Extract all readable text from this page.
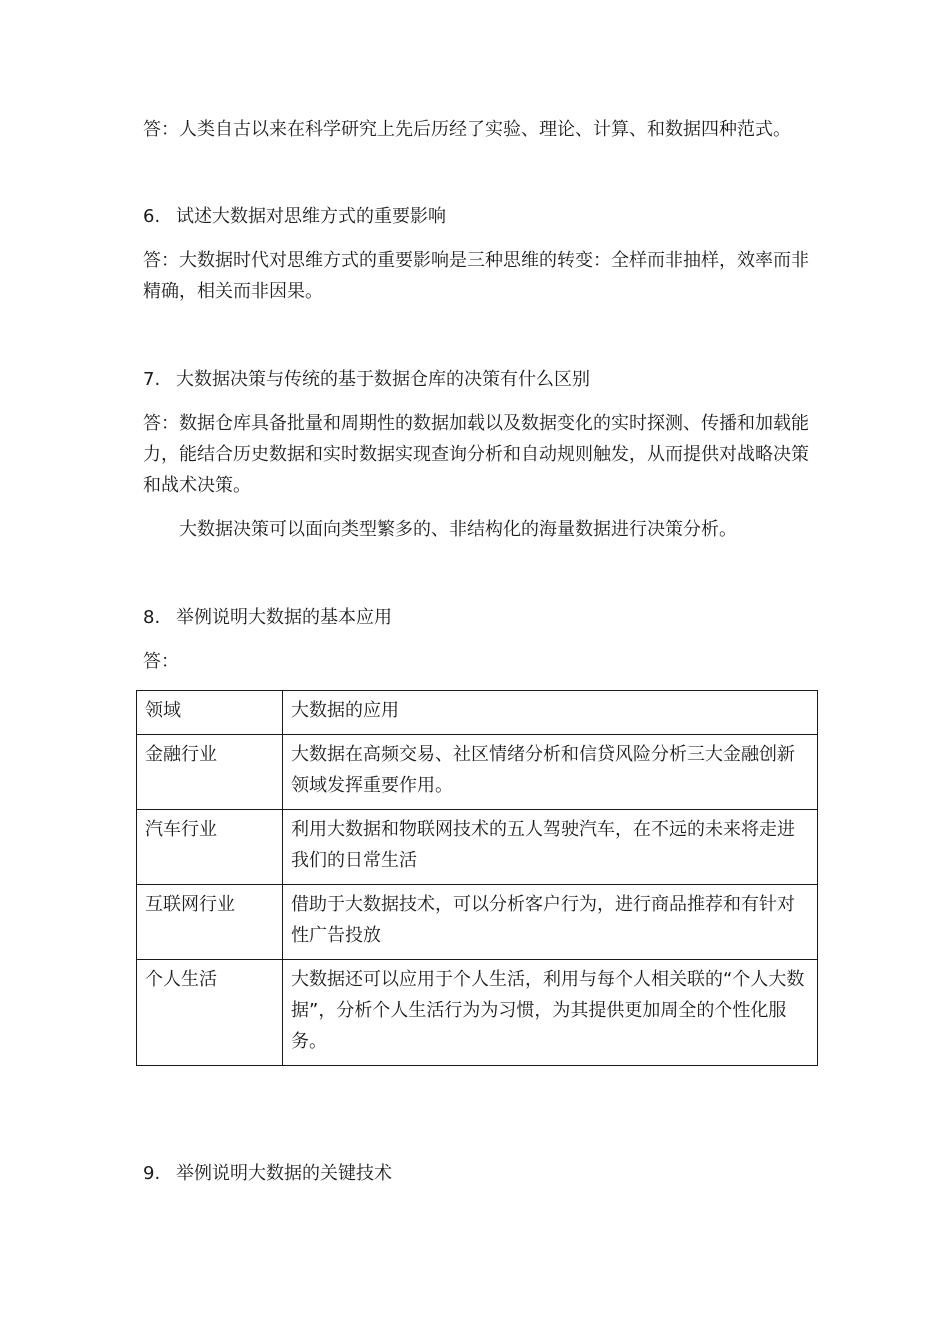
答：人类自古以来在科学研究上先后历经了实验、理论、计算、和数据四种范式。

6. 试述大数据对思维方式的重要影响

答：大数据时代对思维方式的重要影响是三种思维的转变：全样而非抽样，效率而非精确，相关而非因果。

7. 大数据决策与传统的基于数据仓库的决策有什么区别

答：数据仓库具备批量和周期性的数据加载以及数据变化的实时探测、传播和加载能力，能结合历史数据和实时数据实现查询分析和自动规则触发，从而提供对战略决策和战术决策。

大数据决策可以面向类型繁多的、非结构化的海量数据进行决策分析。

8. 举例说明大数据的基本应用

答：

领域	大数据的应用
金融行业	大数据在高频交易、社区情绪分析和信贷风险分析三大金融创新领域发挥重要作用。
汽车行业	利用大数据和物联网技术的五人驾驶汽车，在不远的未来将走进我们的日常生活
互联网行业	借助于大数据技术，可以分析客户行为，进行商品推荐和有针对性广告投放
个人生活	大数据还可以应用于个人生活，利用与每个人相关联的“个人大数据”，分析个人生活行为为习惯，为其提供更加周全的个性化服务。

9. 举例说明大数据的关键技术
